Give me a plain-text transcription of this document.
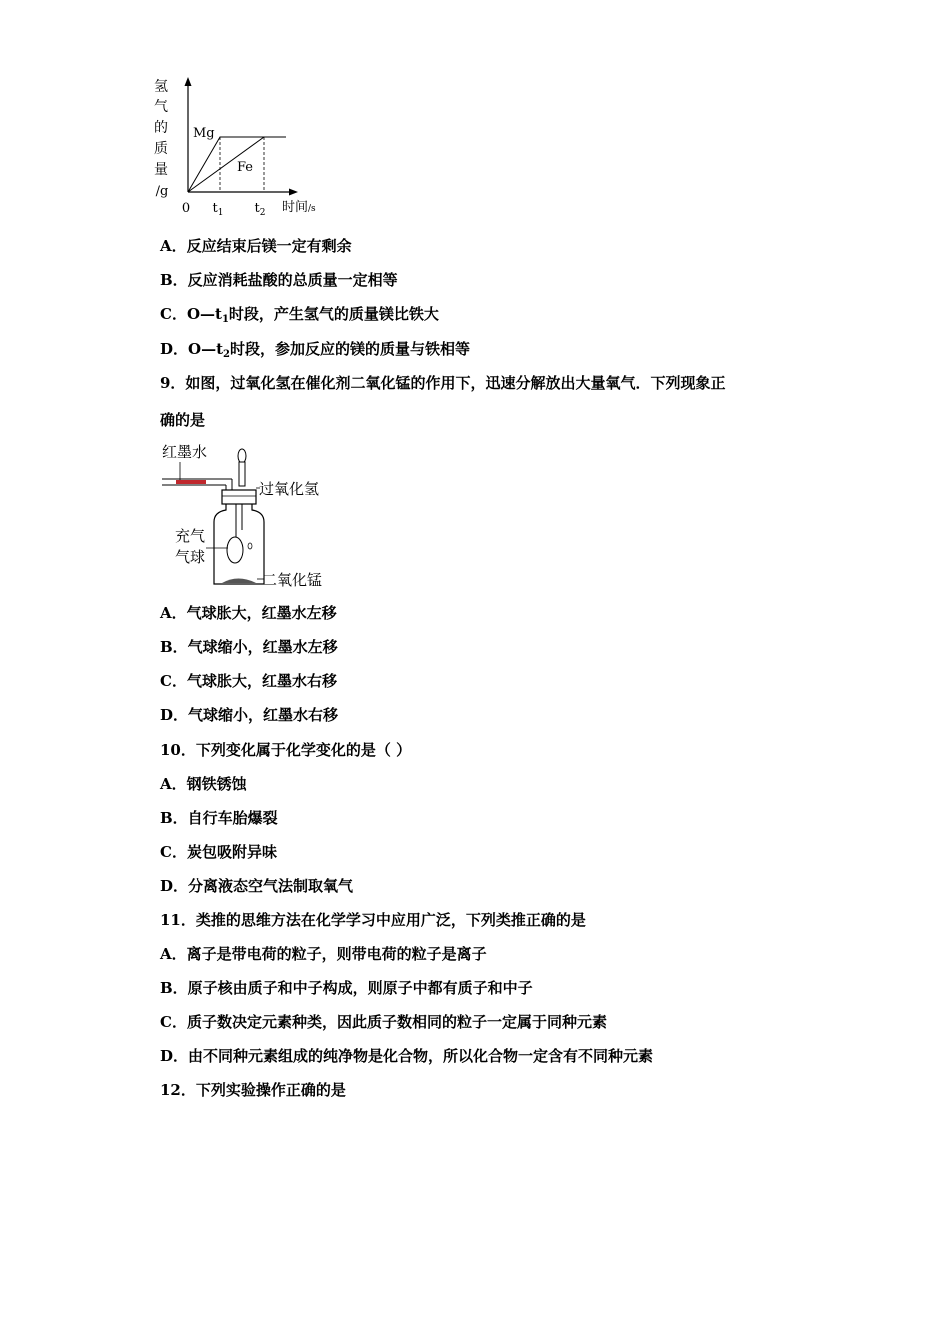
氢
气
的
质
量
/g
Mg
Fe
0 $t_1$ $t_2$ 时间/s
A．反应结束后镁一定有剩余
B．反应消耗盐酸的总质量一定相等
C．$O—t_1$时段，产生氢气的质量镁比铁大
D．$O—t_2$时段，参加反应的镁的质量与铁相等
9．如图，过氧化氢在催化剂二氧化锰的作用下，迅速分解放出大量氧气．下列现象正
确的是
红墨水
过氧化氢
充气
气球
二氧化锰
A．气球胀大，红墨水左移
B．气球缩小，红墨水左移
C．气球胀大，红墨水右移
D．气球缩小，红墨水右移
10．下列变化属于化学变化的是（ ）
A．钢铁锈蚀
B．自行车胎爆裂
C．炭包吸附异味
D．分离液态空气法制取氧气
11．类推的思维方法在化学学习中应用广泛，下列类推正确的是
A．离子是带电荷的粒子，则带电荷的粒子是离子
B．原子核由质子和中子构成，则原子中都有质子和中子
C．质子数决定元素种类，因此质子数相同的粒子一定属于同种元素
D．由不同种元素组成的纯净物是化合物，所以化合物一定含有不同种元素
12．下列实验操作正确的是
